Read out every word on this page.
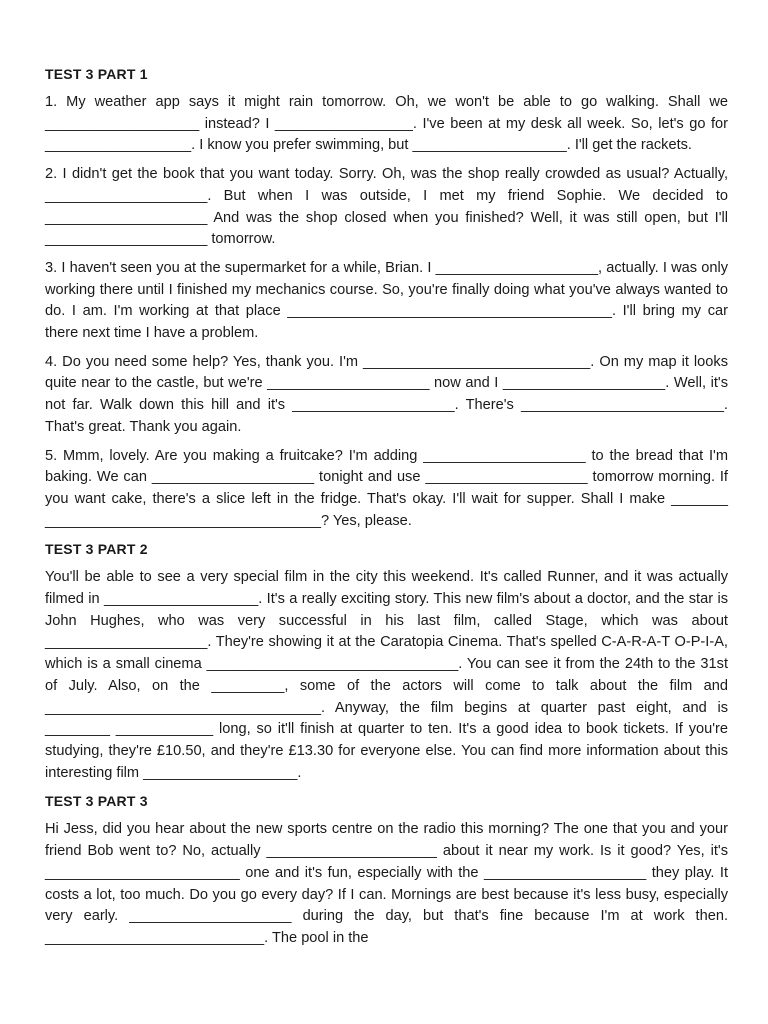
TEST 3 PART 1

1. My weather app says it might rain tomorrow. Oh, we won't be able to go walking. Shall we ___________________ instead? I _________________. I've been at my desk all week. So, let's go for __________________. I know you prefer swimming, but ___________________. I'll get the rackets.

2. I didn't get the book that you want today. Sorry. Oh, was the shop really crowded as usual? Actually, ____________________. But when I was outside, I met my friend Sophie. We decided to ____________________ And was the shop closed when you finished? Well, it was still open, but I'll ____________________ tomorrow.

3. I haven't seen you at the supermarket for a while, Brian. I ____________________, actually. I was only working there until I finished my mechanics course. So, you're finally doing what you've always wanted to do. I am. I'm working at that place ________________________________________. I'll bring my car there next time I have a problem.

4. Do you need some help? Yes, thank you. I'm ____________________________. On my map it looks quite near to the castle, but we're ____________________ now and I ____________________. Well, it's not far. Walk down this hill and it's ____________________. There's _________________________. That's great. Thank you again.

5. Mmm, lovely. Are you making a fruitcake? I'm adding ____________________ to the bread that I'm baking. We can ____________________ tonight and use ____________________ tomorrow morning. If you want cake, there's a slice left in the fridge. That's okay. I'll wait for supper. Shall I make _______ __________________________________? Yes, please.

TEST 3 PART 2

You'll be able to see a very special film in the city this weekend. It's called Runner, and it was actually filmed in ___________________. It's a really exciting story. This new film's about a doctor, and the star is John Hughes, who was very successful in his last film, called Stage, which was about ____________________. They're showing it at the Caratopia Cinema. That's spelled C-A-R-A-T O-P-I-A, which is a small cinema _______________________________. You can see it from the 24th to the 31st of July. Also, on the _________, some of the actors will come to talk about the film and __________________________________. Anyway, the film begins at quarter past eight, and is ________ ____________ long, so it'll finish at quarter to ten. It's a good idea to book tickets. If you're studying, they're £10.50, and they're £13.30 for everyone else. You can find more information about this interesting film ___________________.

TEST 3 PART 3

Hi Jess, did you hear about the new sports centre on the radio this morning? The one that you and your friend Bob went to? No, actually _____________________ about it near my work. Is it good? Yes, it's ________________________ one and it's fun, especially with the ____________________ they play. It costs a lot, too much. Do you go every day? If I can. Mornings are best because it's less busy, especially very early. ____________________ during the day, but that's fine because I'm at work then. ___________________________. The pool in the
